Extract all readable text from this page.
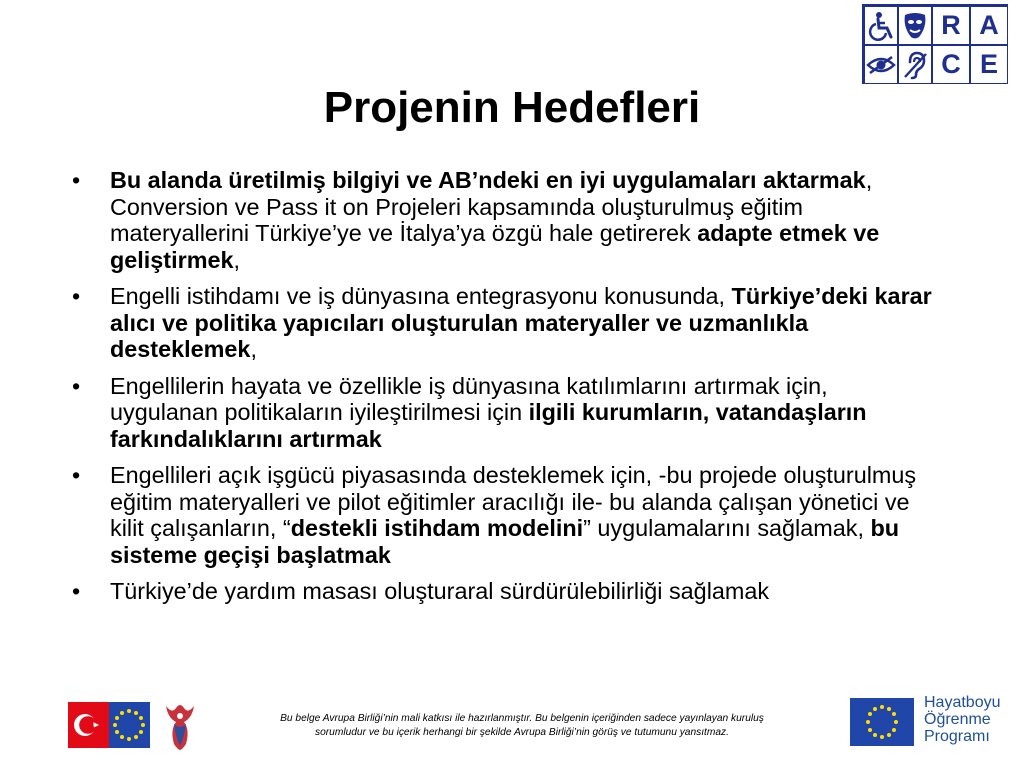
R A
C E
Projenin Hedefleri
• Bu alanda üretilmiş bilgiyi ve AB’ndeki en iyi uygulamaları aktarmak, Conversion ve Pass it on Projeleri kapsamında oluşturulmuş eğitim materyallerini Türkiye’ye ve İtalya’ya özgü hale getirerek adapte etmek ve geliştirmek,
• Engelli istihdamı ve iş dünyasına entegrasyonu konusunda, Türkiye’deki karar alıcı ve politika yapıcıları oluşturulan materyaller ve uzmanlıkla desteklemek,
• Engellilerin hayata ve özellikle iş dünyasına katılımlarını artırmak için, uygulanan politikaların iyileştirilmesi için ilgili kurumların, vatandaşların farkındalıklarını artırmak
• Engellileri açık işgücü piyasasında desteklemek için, -bu projede oluşturulmuş eğitim materyalleri ve pilot eğitimler aracılığı ile- bu alanda çalışan yönetici ve kilit çalışanların, “destekli istihdam modelini” uygulamalarını sağlamak, bu sisteme geçişi başlatmak
• Türkiye’de yardım masası oluşturaral sürdürülebilirliği sağlamak

Bu belge Avrupa Birliği’nin mali katkısı ile hazırlanmıştır. Bu belgenin içeriğinden sadece yayınlayan kuruluş
sorumludur ve bu içerik herhangi bir şekilde Avrupa Birliği’nin görüş ve tutumunu yansıtmaz.

Hayatboyu
Öğrenme
Programı
